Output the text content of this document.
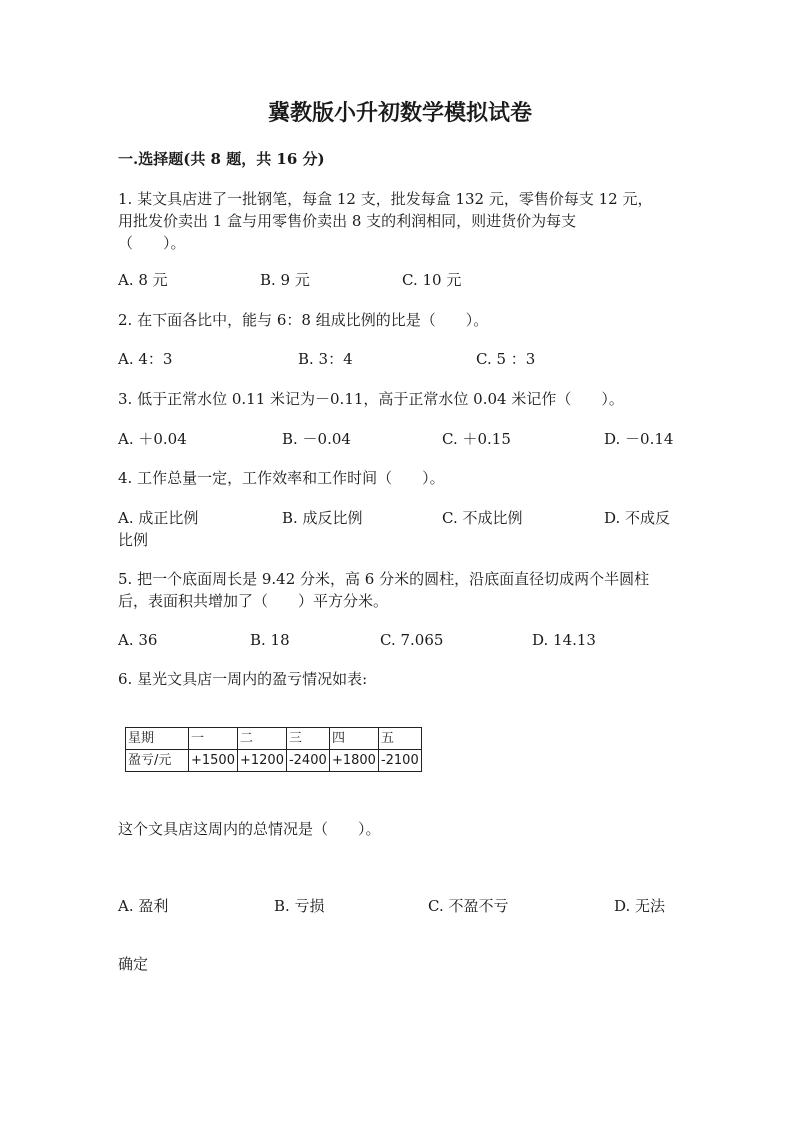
冀教版小升初数学模拟试卷
一.选择题(共 8 题，共 16 分)
1. 某文具店进了一批钢笔，每盒 12 支，批发每盒 132 元，零售价每支 12 元，
用批发价卖出 1 盒与用零售价卖出 8 支的利润相同，则进货价为每支
（　　）。
A. 8 元	B. 9 元	C. 10 元
2. 在下面各比中，能与 6：8 组成比例的比是（　　）。
A. 4：3	B. 3：4	C. 5 ：3
3. 低于正常水位 0.11 米记为－0.11，高于正常水位 0.04 米记作（　　）。
A. ＋0.04	B. －0.04	C. ＋0.15	D. －0.14
4. 工作总量一定，工作效率和工作时间（　　）。
A. 成正比例	B. 成反比例	C. 不成比例	D. 不成反
比例
5. 把一个底面周长是 9.42 分米，高 6 分米的圆柱，沿底面直径切成两个半圆柱
后，表面积共增加了（　　）平方分米。
A. 36	B. 18	C. 7.065	D. 14.13
6. 星光文具店一周内的盈亏情况如表:
星期	一	二	三	四	五
盈亏/元	+1500	+1200	-2400	+1800	-2100
这个文具店这周内的总情况是（　　）。
A. 盈利	B. 亏损	C. 不盈不亏	D. 无法
确定
